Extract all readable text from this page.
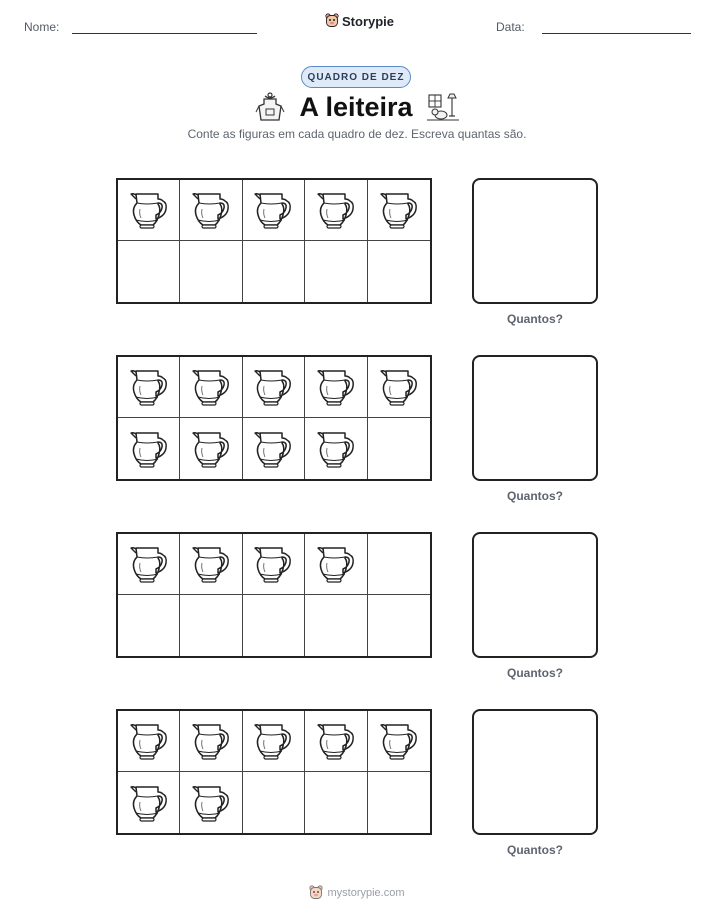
Nome:	Storypie	Data:
QUADRO DE DEZ
A leiteira
Conte as figuras em cada quadro de dez. Escreva quantas são.
Quantos?
Quantos?
Quantos?
Quantos?
mystorypie.com
